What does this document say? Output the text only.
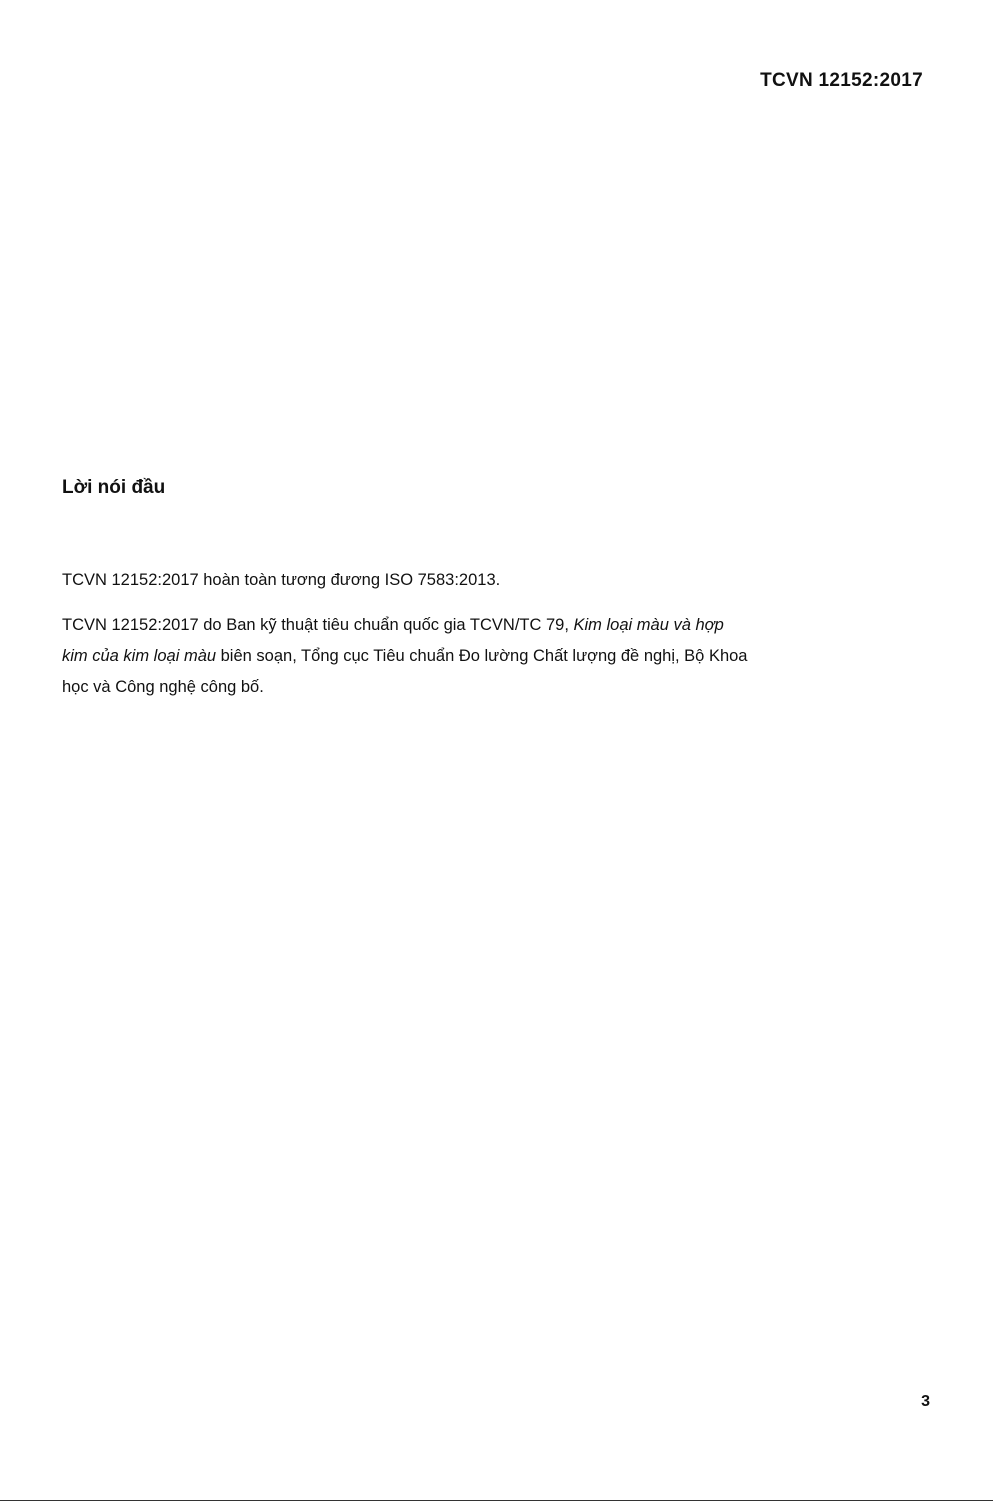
TCVN 12152:2017
Lời nói đầu

TCVN 12152:2017 hoàn toàn tương đương ISO 7583:2013.

TCVN 12152:2017 do Ban kỹ thuật tiêu chuẩn quốc gia TCVN/TC 79, Kim loại màu và hợp kim của kim loại màu biên soạn, Tổng cục Tiêu chuẩn Đo lường Chất lượng đề nghị, Bộ Khoa học và Công nghệ công bố.

3
